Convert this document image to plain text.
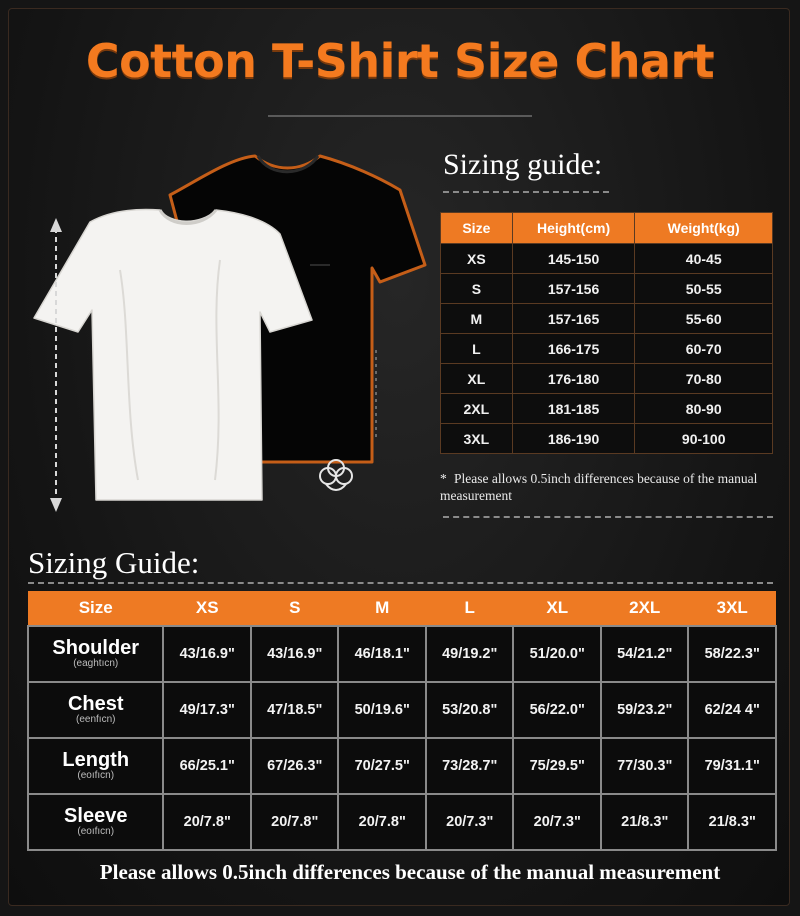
Cotton T-Shirt Size Chart
Sizing guide:
Size	Height(cm)	Weight(kg)
XS	145-150	40-45
S	157-156	50-55
M	157-165	55-60
L	166-175	60-70
XL	176-180	70-80
2XL	181-185	80-90
3XL	186-190	90-100
* Please allows 0.5inch differences because of the manual measurement
Sizing Guide:
Size	XS	S	M	L	XL	2XL	3XL
Shoulder
(eaghtıcn)	43/16.9"	43/16.9"	46/18.1"	49/19.2"	51/20.0"	54/21.2"	58/22.3"
Chest
(eenfıcn)	49/17.3"	47/18.5"	50/19.6"	53/20.8"	56/22.0"	59/23.2"	62/24 4"
Length
(eoıfıcn)	66/25.1"	67/26.3"	70/27.5"	73/28.7"	75/29.5"	77/30.3"	79/31.1"
Sleeve
(eoıfıcn)	20/7.8"	20/7.8"	20/7.8"	20/7.3"	20/7.3"	21/8.3"	21/8.3"
Please allows 0.5inch differences because of the manual measurement
